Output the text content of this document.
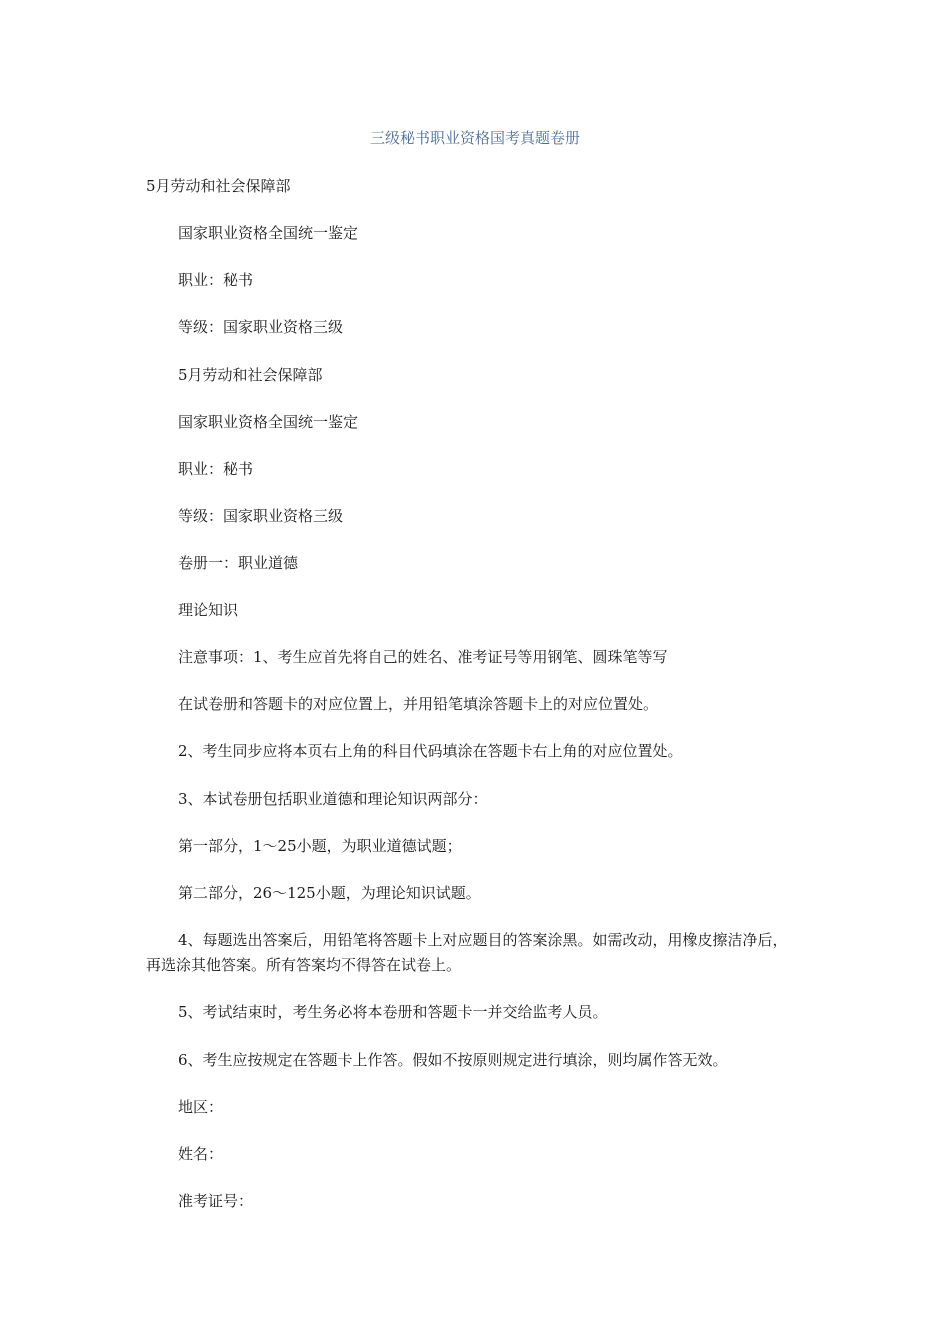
三级秘书职业资格国考真题卷册

5月劳动和社会保障部

国家职业资格全国统一鉴定

职业：秘书

等级：国家职业资格三级

5月劳动和社会保障部

国家职业资格全国统一鉴定

职业：秘书

等级：国家职业资格三级

卷册一：职业道德

理论知识

注意事项：1、考生应首先将自己的姓名、准考证号等用钢笔、圆珠笔等写

在试卷册和答题卡的对应位置上，并用铅笔填涂答题卡上的对应位置处。

2、考生同步应将本页右上角的科目代码填涂在答题卡右上角的对应位置处。

3、本试卷册包括职业道德和理论知识两部分：

第一部分，1～25小题，为职业道德试题；

第二部分，26～125小题，为理论知识试题。

4、每题选出答案后，用铅笔将答题卡上对应题目的答案涂黑。如需改动，用橡皮擦洁净后，再选涂其他答案。所有答案均不得答在试卷上。

5、考试结束时，考生务必将本卷册和答题卡一并交给监考人员。

6、考生应按规定在答题卡上作答。假如不按原则规定进行填涂，则均属作答无效。

地区：

姓名：

准考证号：
